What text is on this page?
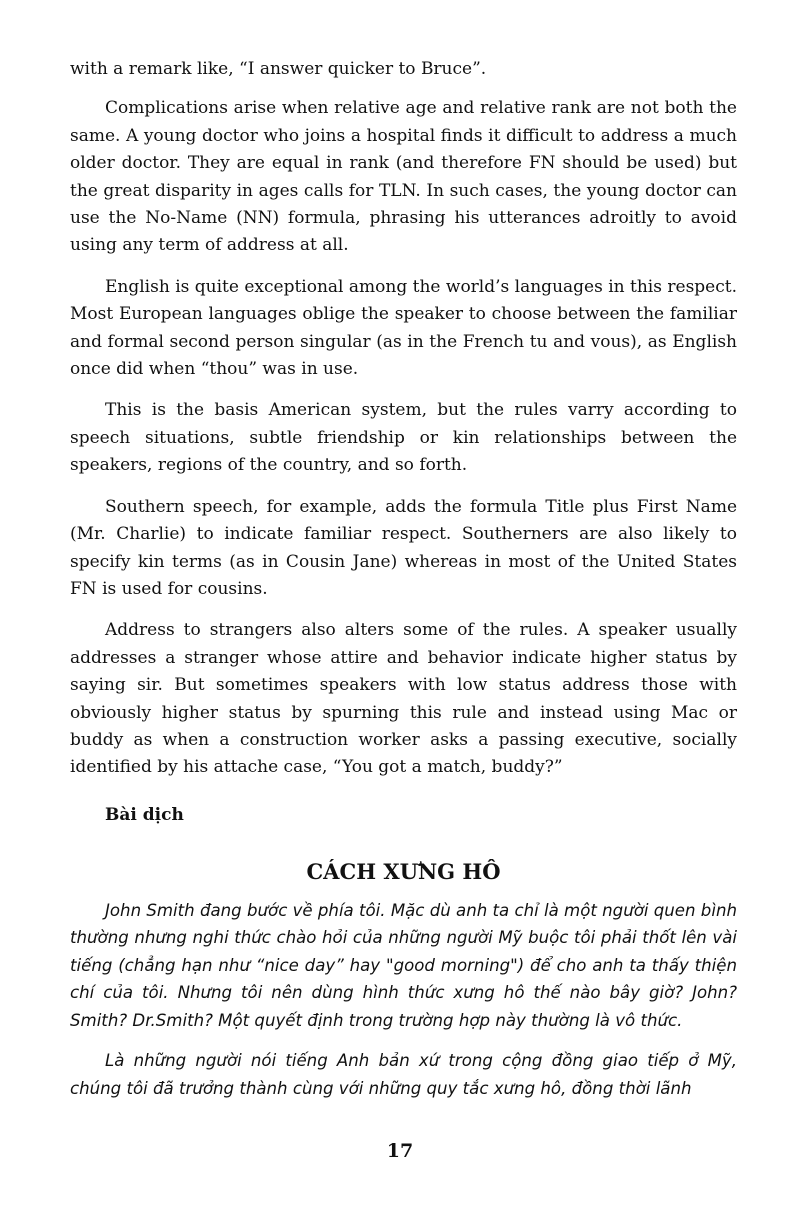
with a remark like, “I answer quicker to Bruce”.

Complications arise when relative age and relative rank are not both the same. A young doctor who joins a hospital finds it difficult to address a much older doctor. They are equal in rank (and therefore FN should be used) but the great disparity in ages calls for TLN. In such cases, the young doctor can use the No-Name (NN) formula, phrasing his utterances adroitly to avoid using any term of address at all.

English is quite exceptional among the world’s languages in this respect. Most European languages oblige the speaker to choose between the familiar and formal second person singular (as in the French tu and vous), as English once did when “thou” was in use.

This is the basis American system, but the rules varry according to speech situations, subtle friendship or kin relationships between the speakers, regions of the country, and so forth.

Southern speech, for example, adds the formula Title plus First Name (Mr. Charlie) to indicate familiar respect. Southerners are also likely to specify kin terms (as in Cousin Jane) whereas in most of the United States FN is used for cousins.

Address to strangers also alters some of the rules. A speaker usually addresses a stranger whose attire and behavior indicate higher status by saying sir. But sometimes speakers with low status address those with obviously higher status by spurning this rule and instead using Mac or buddy as when a construction worker asks a passing executive, socially identified by his attache case, “You got a match, buddy?”

Bài dịch
CÁCH XƯNG HÔ

John Smith đang bước về phía tôi. Mặc dù anh ta chỉ là một người quen bình thường nhưng nghi thức chào hỏi của những người Mỹ buộc tôi phải thốt lên vài tiếng (chẳng hạn như “nice day” hay "good morning") để cho anh ta thấy thiện chí của tôi. Nhưng tôi nên dùng hình thức xưng hô thế nào bây giờ? John? Smith? Dr.Smith? Một quyết định trong trường hợp này thường là vô thức.

Là những người nói tiếng Anh bản xứ trong cộng đồng giao tiếp ở Mỹ, chúng tôi đã trưởng thành cùng với những quy tắc xưng hô, đồng thời lãnh

17
